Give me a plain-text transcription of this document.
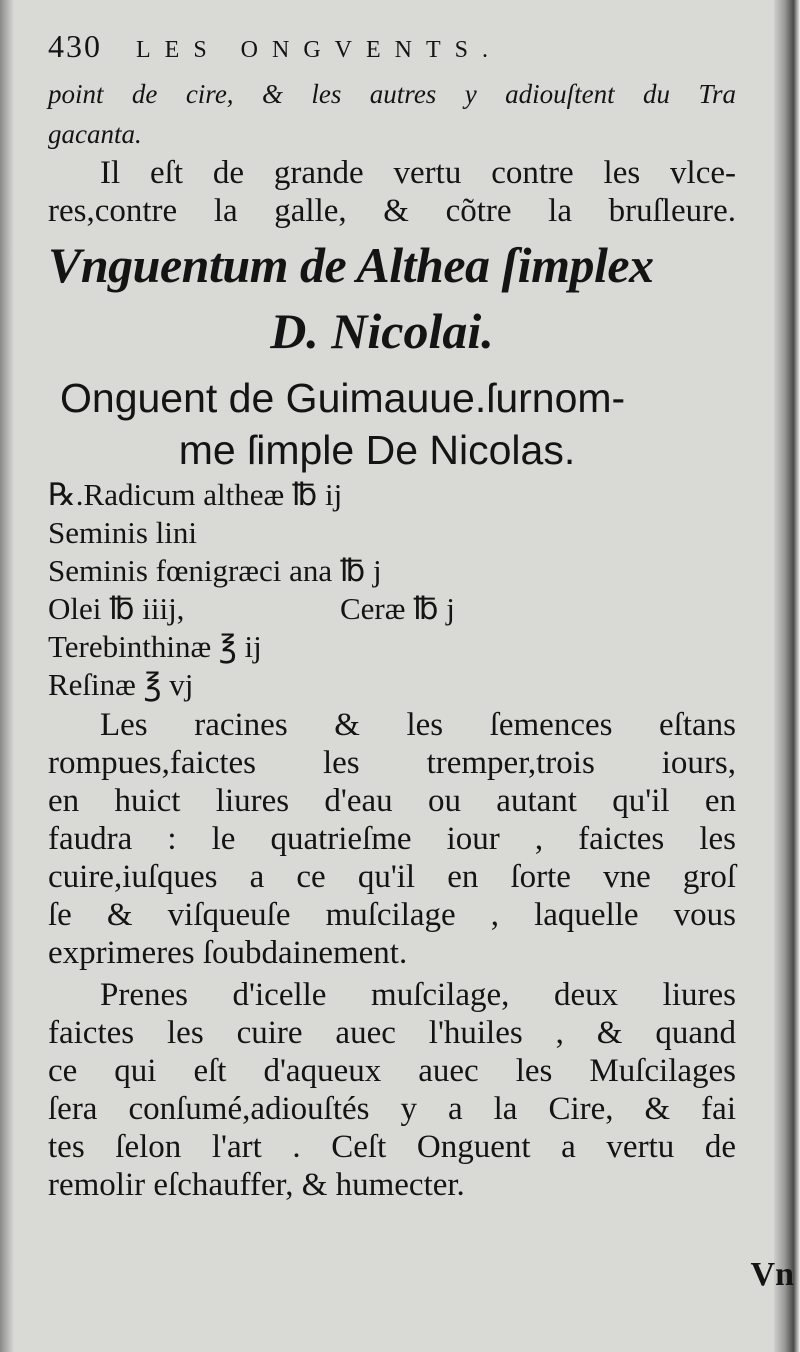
430 LES ONGVENTS.
point de cire, & les autres y adiouſtent du Tra
gacanta.
Il eſt de grande vertu contre les vlce-
res,contre la galle, & cõtre la bruſleure.
Vnguentum de Althea ſimplex
D. Nicolai.
Onguent de Guimauue.ſurnom-
me ſimple De Nicolas.
℞.Radicum altheæ ℔ ij
Seminis lini
Seminis fœnigræci ana ℔ j
Olei ℔ iiij,	Ceræ ℔ j
Terebinthinæ ℥ ij
Reſinæ ℥ vj
Les racines & les ſemences eſtans
rompues,faictes les tremper,trois iours,
en huict liures d'eau ou autant qu'il en
faudra : le quatrieſme iour , faictes les
cuire,iuſques a ce qu'il en ſorte vne groſ
ſe & viſqueuſe muſcilage , laquelle vous
exprimeres ſoubdainement.
Prenes d'icelle muſcilage, deux liures
faictes les cuire auec l'huiles , & quand
ce qui eſt d'aqueux auec les Muſcilages
ſera conſumé,adiouſtés y a la Cire, & fai
tes ſelon l'art . Ceſt Onguent a vertu de
remolir eſchauffer, & humecter.
Vn
